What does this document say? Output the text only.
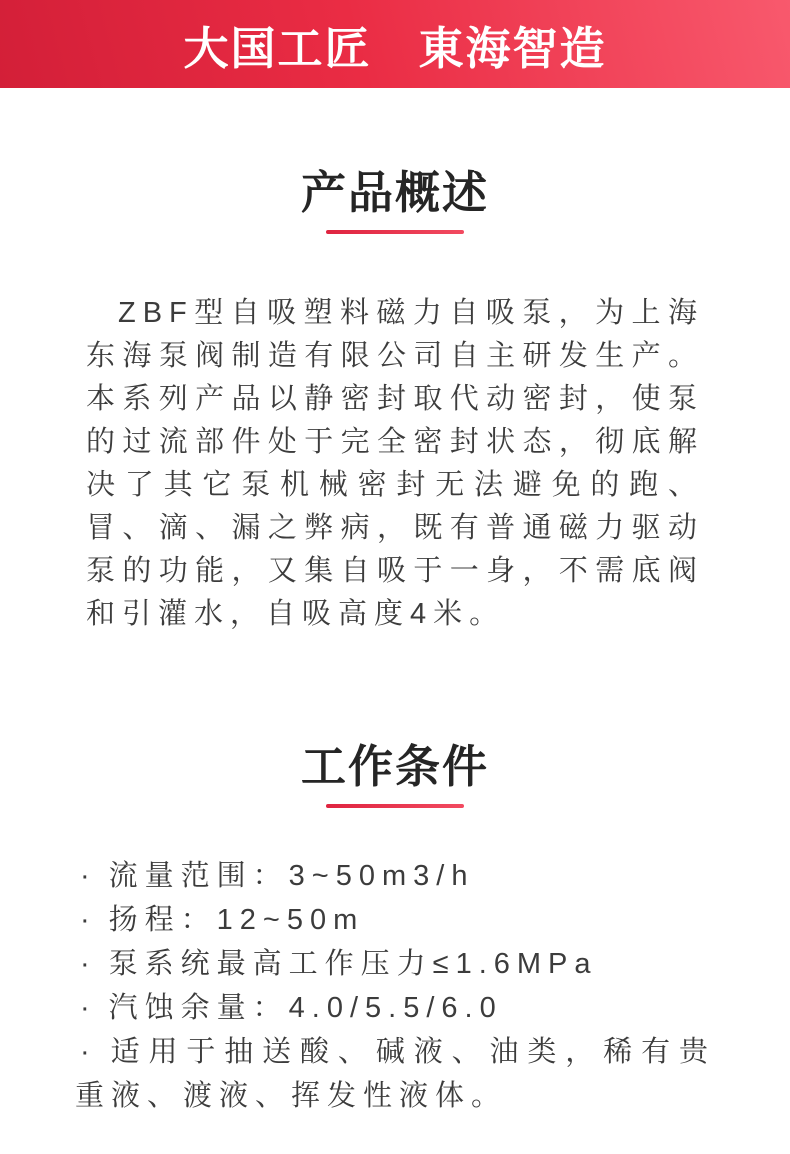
大国工匠　東海智造
产品概述

ZBF型自吸塑料磁力自吸泵，为上海东海泵阀制造有限公司自主研发生产。本系列产品以静密封取代动密封，使泵的过流部件处于完全密封状态，彻底解决了其它泵机械密封无法避免的跑、冒、滴、漏之弊病，既有普通磁力驱动泵的功能，又集自吸于一身，不需底阀和引灌水，自吸高度4米。

工作条件
· 流量范围：3~50m3/h
· 扬程：12~50m
· 泵系统最高工作压力≤1.6MPa
· 汽蚀余量：4.0/5.5/6.0
· 适用于抽送酸、碱液、油类，稀有贵重液、渡液、挥发性液体。
